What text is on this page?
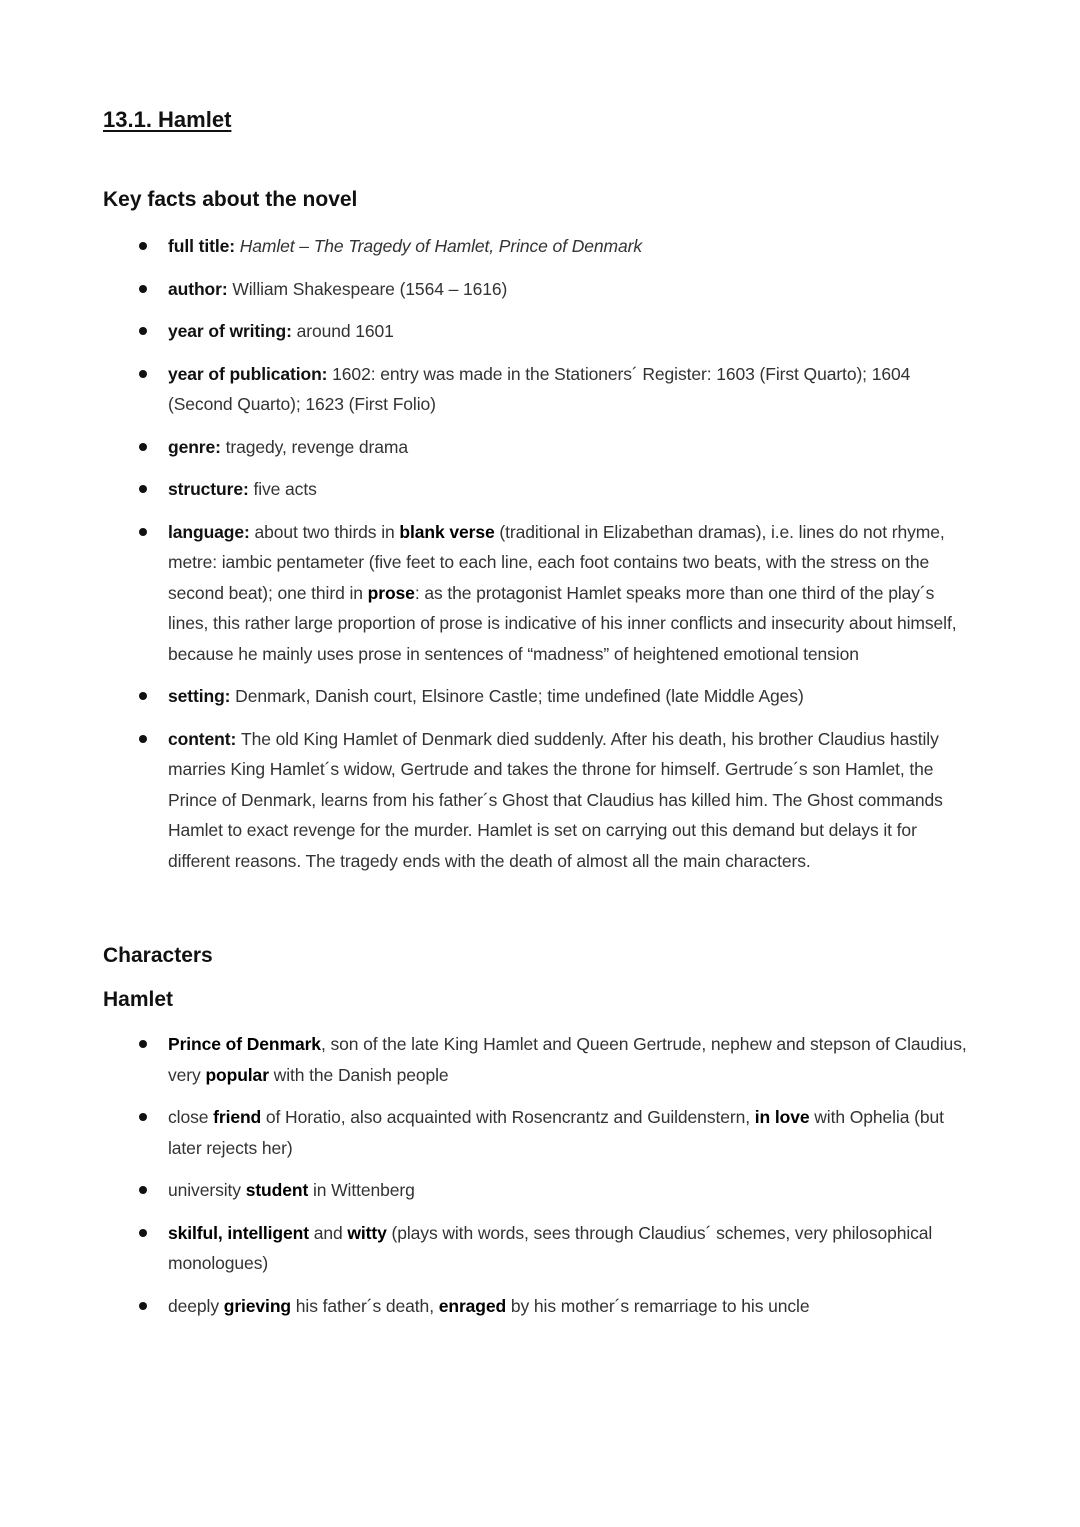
13.1. Hamlet
Key facts about the novel
full title: Hamlet – The Tragedy of Hamlet, Prince of Denmark
author: William Shakespeare (1564 – 1616)
year of writing: around 1601
year of publication: 1602: entry was made in the Stationers´ Register: 1603 (First Quarto); 1604 (Second Quarto); 1623 (First Folio)
genre: tragedy, revenge drama
structure: five acts
language: about two thirds in blank verse (traditional in Elizabethan dramas), i.e. lines do not rhyme, metre: iambic pentameter (five feet to each line, each foot contains two beats, with the stress on the second beat); one third in prose: as the protagonist Hamlet speaks more than one third of the play´s lines, this rather large proportion of prose is indicative of his inner conflicts and insecurity about himself, because he mainly uses prose in sentences of “madness” of heightened emotional tension
setting: Denmark, Danish court, Elsinore Castle; time undefined (late Middle Ages)
content: The old King Hamlet of Denmark died suddenly. After his death, his brother Claudius hastily marries King Hamlet´s widow, Gertrude and takes the throne for himself. Gertrude´s son Hamlet, the Prince of Denmark, learns from his father´s Ghost that Claudius has killed him. The Ghost commands Hamlet to exact revenge for the murder. Hamlet is set on carrying out this demand but delays it for different reasons. The tragedy ends with the death of almost all the main characters.
Characters
Hamlet
Prince of Denmark, son of the late King Hamlet and Queen Gertrude, nephew and stepson of Claudius, very popular with the Danish people
close friend of Horatio, also acquainted with Rosencrantz and Guildenstern, in love with Ophelia (but later rejects her)
university student in Wittenberg
skilful, intelligent and witty (plays with words, sees through Claudius´ schemes, very philosophical monologues)
deeply grieving his father´s death, enraged by his mother´s remarriage to his uncle
